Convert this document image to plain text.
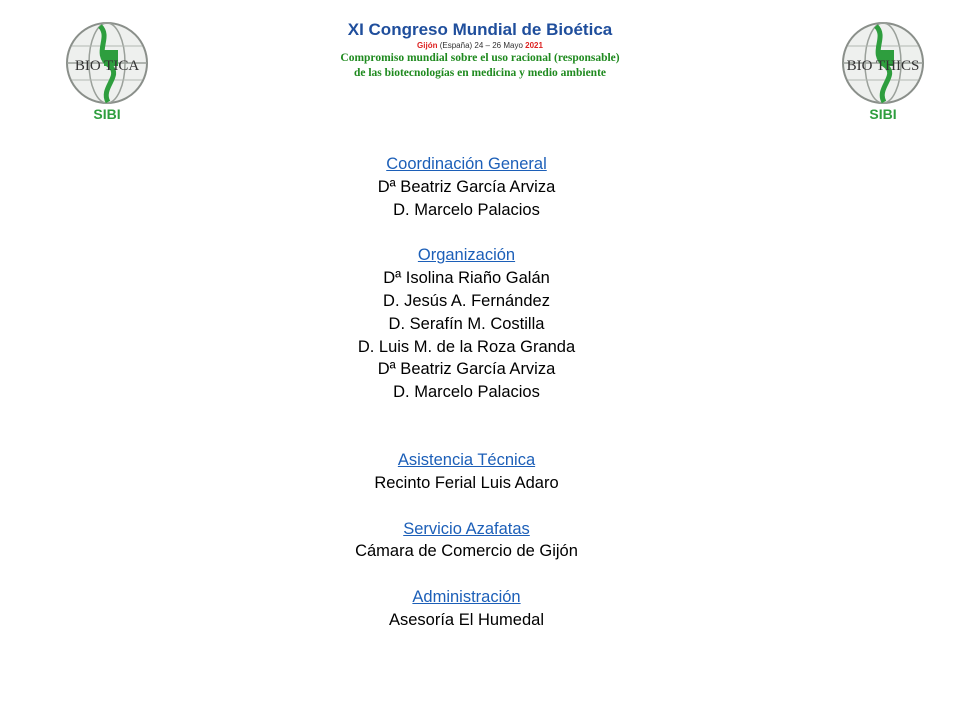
BIO TICA
SIBI
BIO THICS
SIBI
XI Congreso Mundial de Bioética
Gijón (España) 24 – 26 Mayo 2021
Compromiso mundial sobre el uso racional (responsable)
de las biotecnologías en medicina y medio ambiente
Coordinación General
Dª Beatriz García Arviza
D. Marcelo Palacios
Organización
Dª Isolina Riaño Galán
D. Jesús A. Fernández
D. Serafín M. Costilla
D. Luis M. de la Roza Granda
Dª Beatriz García Arviza
D. Marcelo Palacios
Asistencia Técnica
Recinto Ferial Luis Adaro
Servicio Azafatas
Cámara de Comercio de Gijón
Administración
Asesoría El Humedal
